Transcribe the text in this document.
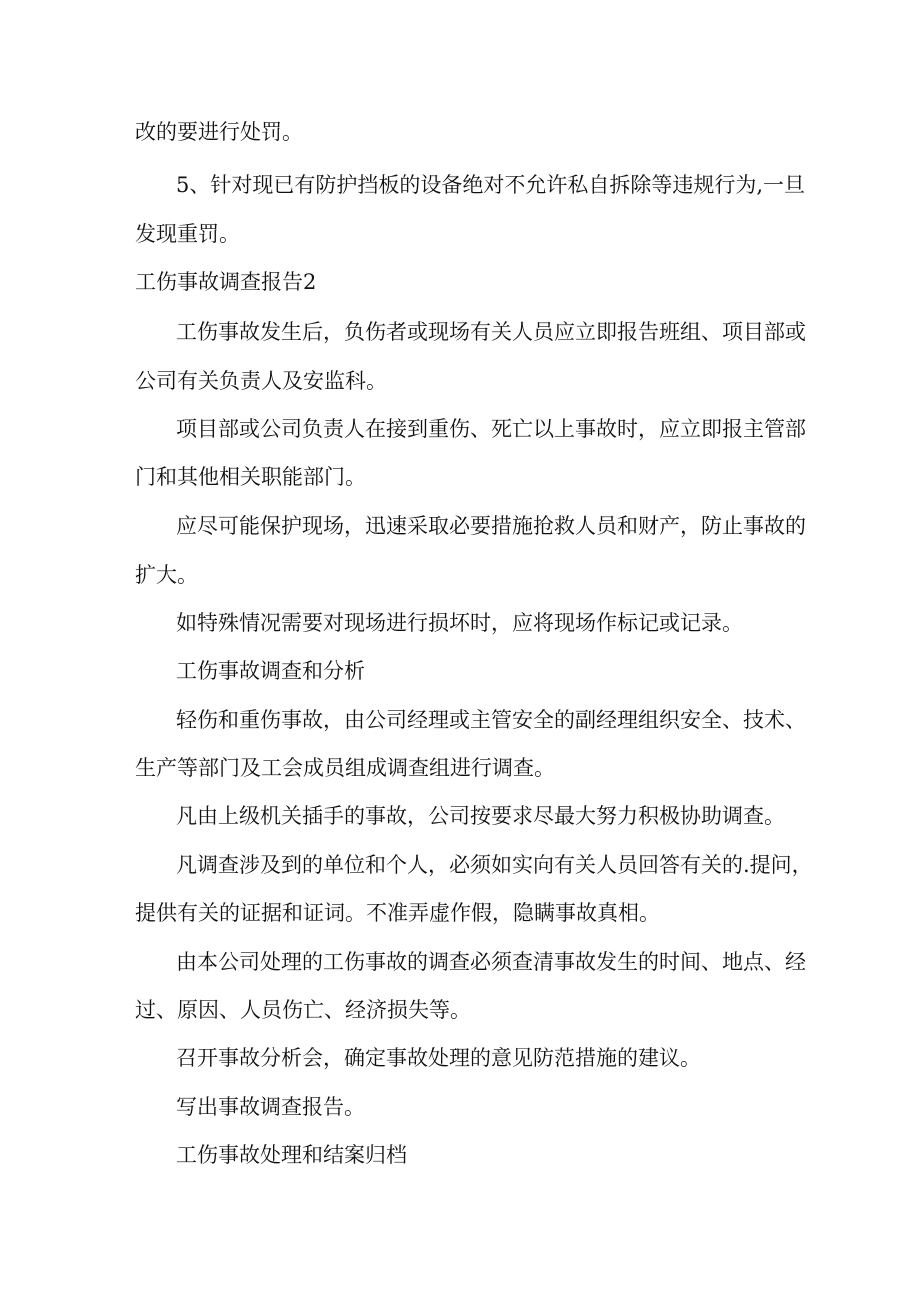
改的要进行处罚。
5、针对现已有防护挡板的设备绝对不允许私自拆除等违规行为,一旦
发现重罚。
工伤事故调查报告2
工伤事故发生后，负伤者或现场有关人员应立即报告班组、项目部或
公司有关负责人及安监科。
项目部或公司负责人在接到重伤、死亡以上事故时，应立即报主管部
门和其他相关职能部门。
应尽可能保护现场，迅速采取必要措施抢救人员和财产，防止事故的
扩大。
如特殊情况需要对现场进行损坏时，应将现场作标记或记录。
工伤事故调查和分析
轻伤和重伤事故，由公司经理或主管安全的副经理组织安全、技术、
生产等部门及工会成员组成调查组进行调查。
凡由上级机关插手的事故，公司按要求尽最大努力积极协助调查。
凡调查涉及到的单位和个人，必须如实向有关人员回答有关的.提问，
提供有关的证据和证词。不准弄虚作假，隐瞒事故真相。
由本公司处理的工伤事故的调查必须查清事故发生的时间、地点、经
过、原因、人员伤亡、经济损失等。
召开事故分析会，确定事故处理的意见防范措施的建议。
写出事故调查报告。
工伤事故处理和结案归档
